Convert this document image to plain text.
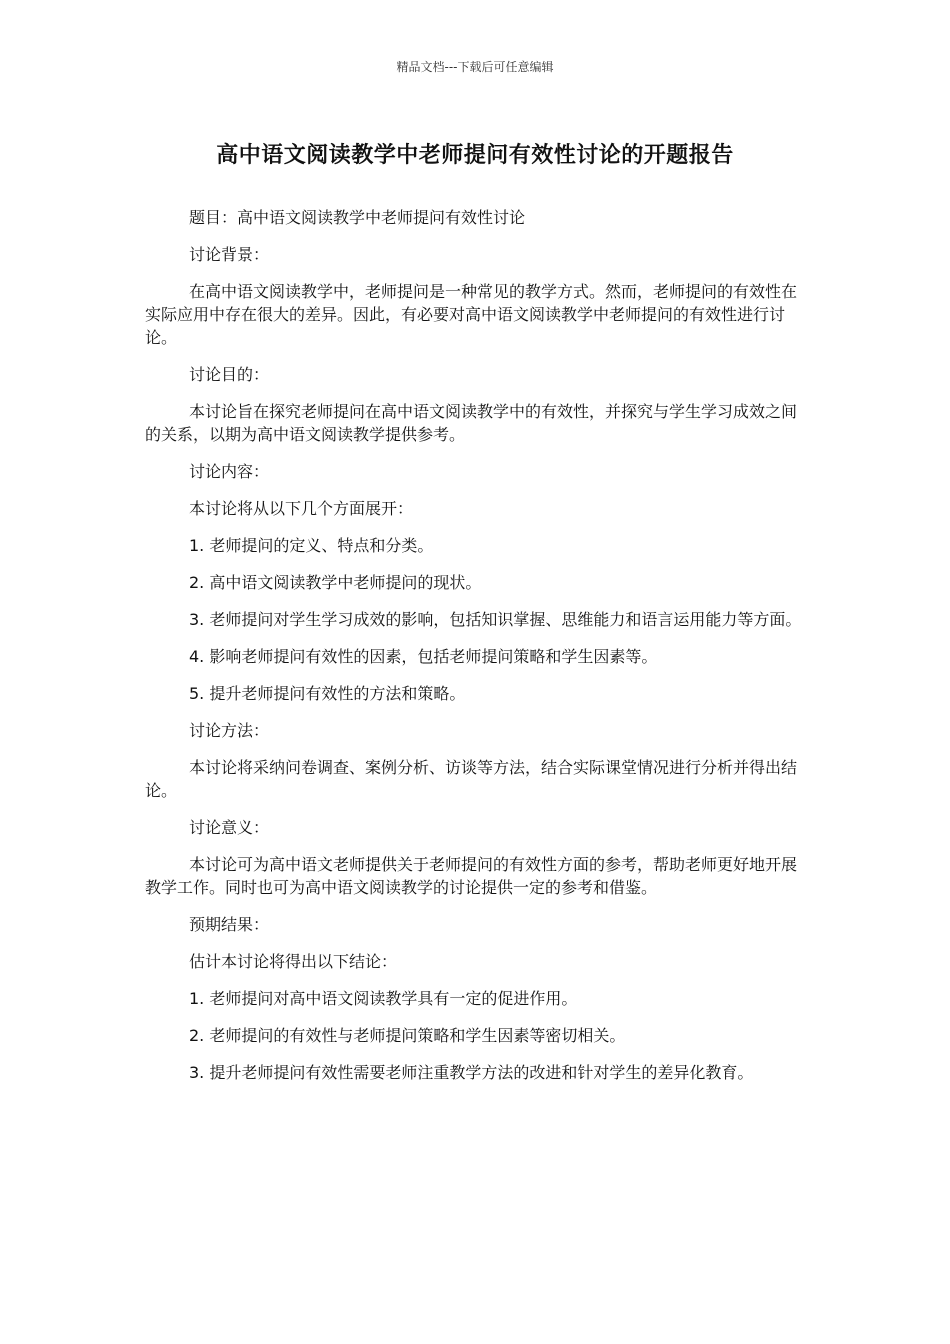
精品文档---下载后可任意编辑
高中语文阅读教学中老师提问有效性讨论的开题报告

题目：高中语文阅读教学中老师提问有效性讨论

讨论背景：

在高中语文阅读教学中，老师提问是一种常见的教学方式。然而，老师提问的有效性在实际应用中存在很大的差异。因此，有必要对高中语文阅读教学中老师提问的有效性进行讨论。

讨论目的：

本讨论旨在探究老师提问在高中语文阅读教学中的有效性，并探究与学生学习成效之间的关系，以期为高中语文阅读教学提供参考。

讨论内容：

本讨论将从以下几个方面展开：

1. 老师提问的定义、特点和分类。

2. 高中语文阅读教学中老师提问的现状。

3. 老师提问对学生学习成效的影响，包括知识掌握、思维能力和语言运用能力等方面。

4. 影响老师提问有效性的因素，包括老师提问策略和学生因素等。

5. 提升老师提问有效性的方法和策略。

讨论方法：

本讨论将采纳问卷调查、案例分析、访谈等方法，结合实际课堂情况进行分析并得出结论。

讨论意义：

本讨论可为高中语文老师提供关于老师提问的有效性方面的参考，帮助老师更好地开展教学工作。同时也可为高中语文阅读教学的讨论提供一定的参考和借鉴。

预期结果：

估计本讨论将得出以下结论：

1. 老师提问对高中语文阅读教学具有一定的促进作用。

2. 老师提问的有效性与老师提问策略和学生因素等密切相关。

3. 提升老师提问有效性需要老师注重教学方法的改进和针对学生的差异化教育。
